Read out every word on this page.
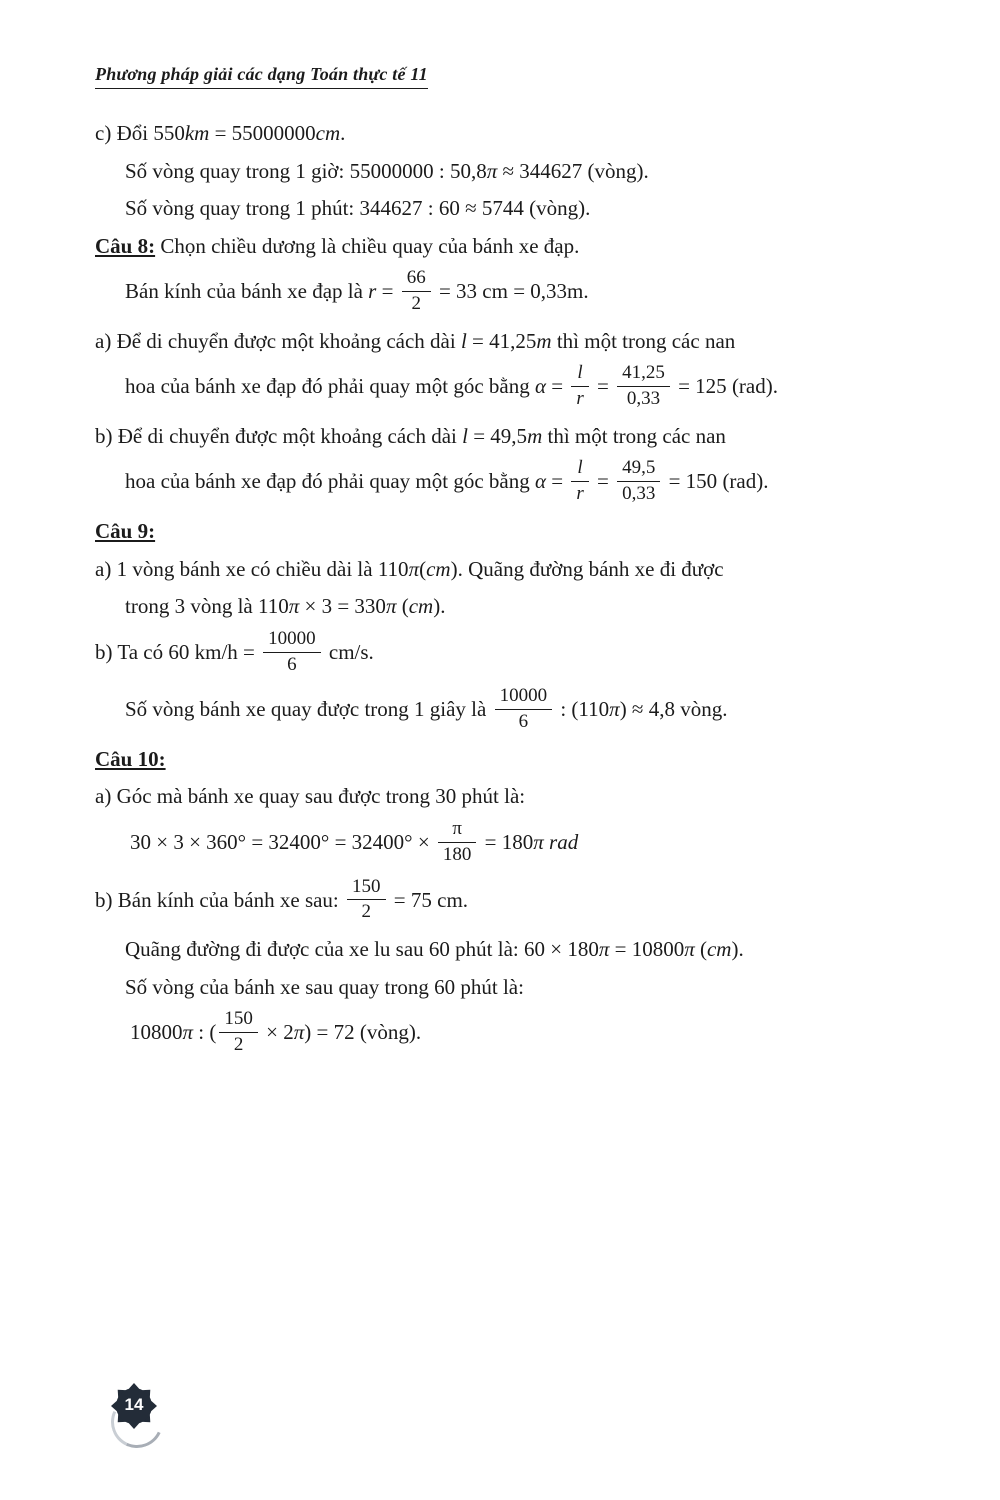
Phương pháp giải các dạng Toán thực tế 11
c) Đổi 550km = 55000000cm.
Số vòng quay trong 1 giờ: 55000000 : 50,8π ≈ 344627 (vòng).
Số vòng quay trong 1 phút: 344627 : 60 ≈ 5744 (vòng).
Câu 8: Chọn chiều dương là chiều quay của bánh xe đạp.
Bán kính của bánh xe đạp là $r = \frac{66}{2} = 33$ cm = 0,33m.
a) Để di chuyển được một khoảng cách dài l = 41,25m thì một trong các nan
hoa của bánh xe đạp đó phải quay một góc bằng $\alpha = \frac{l}{r} = \frac{41,25}{0,33} = 125$ (rad).
b) Để di chuyển được một khoảng cách dài l = 49,5m thì một trong các nan
hoa của bánh xe đạp đó phải quay một góc bằng $\alpha = \frac{l}{r} = \frac{49,5}{0,33} = 150$ (rad).
Câu 9:
a) 1 vòng bánh xe có chiều dài là 110π(cm). Quãng đường bánh xe đi được
trong 3 vòng là 110π × 3 = 330π (cm).
b) Ta có 60 $km/h = \frac{10000}{6} cm/s$.
Số vòng bánh xe quay được trong 1 giây là $\frac{10000}{6}$ : (110π) ≈ 4,8 vòng.
Câu 10:
a) Góc mà bánh xe quay sau được trong 30 phút là:
$30 \times 3 \times 360^\circ = 32400^\circ = 32400^\circ \times \frac{\pi}{180} = 180\pi$ rad
b) Bán kính của bánh xe sau: $\frac{150}{2} = 75$ cm.
Quãng đường đi được của xe lu sau 60 phút là: 60 × 180π = 10800π (cm).
Số vòng của bánh xe sau quay trong 60 phút là:
10800π : ( $\frac{150}{2} \times 2\pi) = 72$ (vòng).
14
